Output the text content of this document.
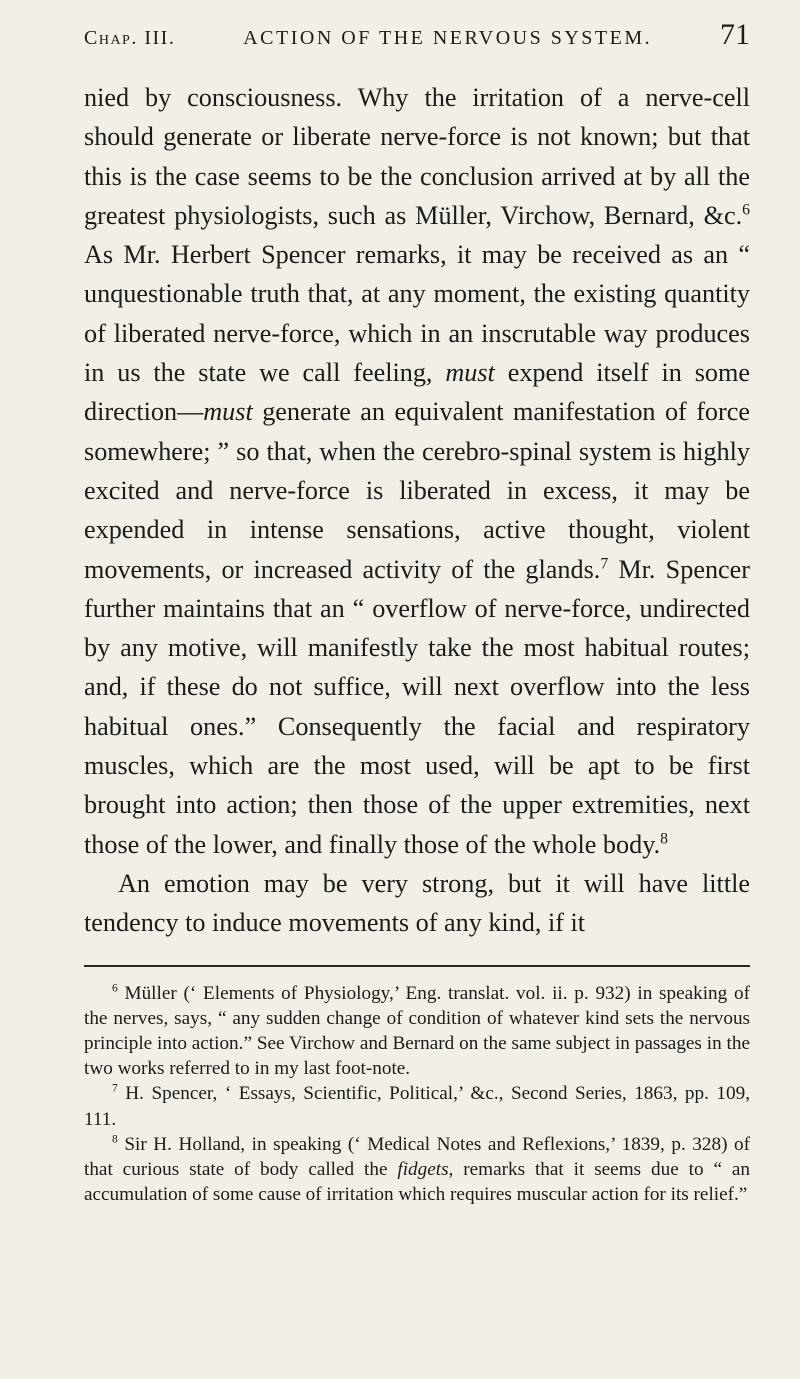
Chap. III.	ACTION OF THE NERVOUS SYSTEM. 71

nied by consciousness. Why the irritation of a nerve-cell should generate or liberate nerve-force is not known; but that this is the case seems to be the conclusion arrived at by all the greatest physiologists, such as Müller, Virchow, Bernard, &c.$^6$ As Mr. Herbert Spencer remarks, it may be received as an “ unquestionable truth that, at any moment, the existing quantity of liberated nerve-force, which in an inscrutable way produces in us the state we call feeling, must expend itself in some direction—must generate an equivalent manifestation of force somewhere; ” so that, when the cerebro-spinal system is highly excited and nerve-force is liberated in excess, it may be expended in intense sensations, active thought, violent movements, or increased activity of the glands.$^7$ Mr. Spencer further maintains that an “ overflow of nerve-force, undirected by any motive, will manifestly take the most habitual routes; and, if these do not suffice, will next overflow into the less habitual ones.” Consequently the facial and respiratory muscles, which are the most used, will be apt to be first brought into action; then those of the upper extremities, next those of the lower, and finally those of the whole body.$^8$

An emotion may be very strong, but it will have little tendency to induce movements of any kind, if it

$^6$ Müller (‘ Elements of Physiology,’ Eng. translat. vol. ii. p. 932) in speaking of the nerves, says, “ any sudden change of condition of whatever kind sets the nervous principle into action.” See Virchow and Bernard on the same subject in passages in the two works referred to in my last foot-note.

$^7$ H. Spencer, ‘ Essays, Scientific, Political,’ &c., Second Series, 1863, pp. 109, 111.

$^8$ Sir H. Holland, in speaking (‘ Medical Notes and Reflexions,’ 1839, p. 328) of that curious state of body called the fidgets, remarks that it seems due to “ an accumulation of some cause of irritation which requires muscular action for its relief.”
